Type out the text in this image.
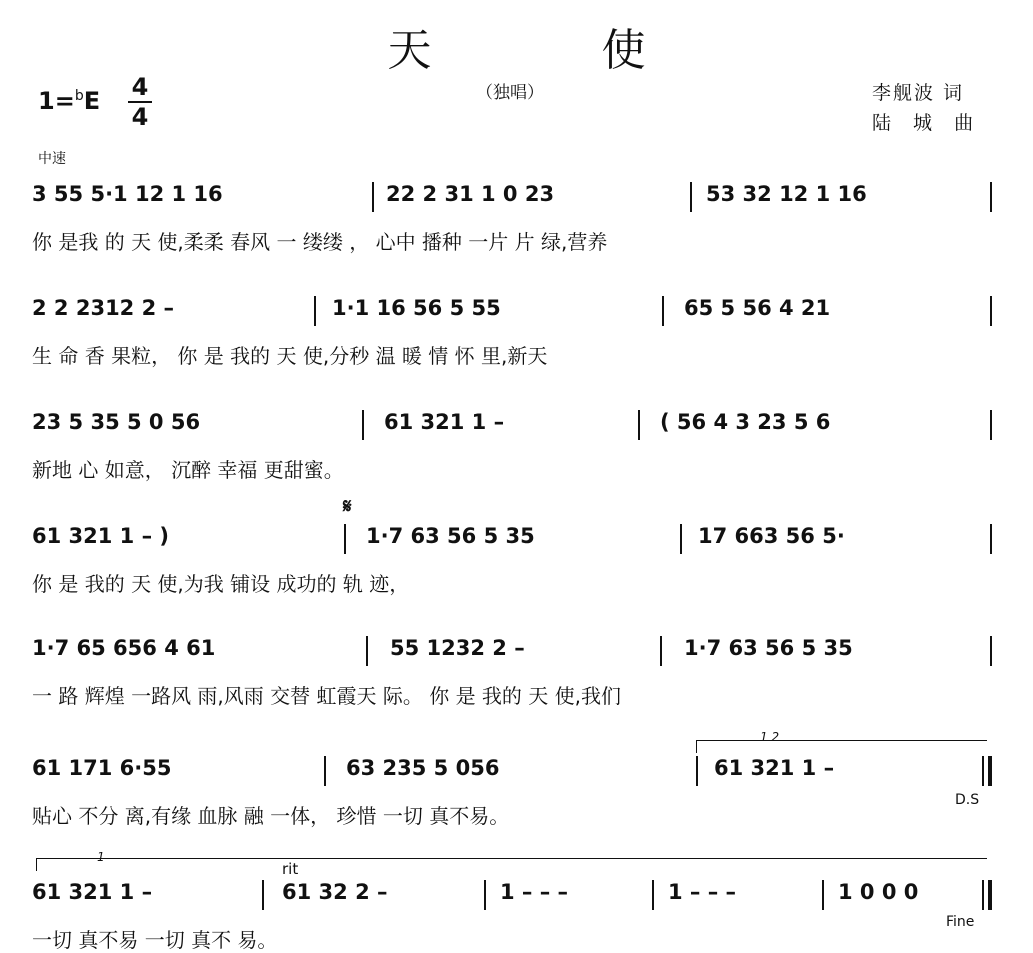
天 使
（独唱）	李舰波 词
陆 城 曲
1=$^b$E 4
4
中速
3 55 5·1 12 1 16	22 2 31 1 0 23	53 32 12 1 16
你 是我 的 天 使,柔柔 春风 一 缕缕 ， 心中 播种 一片 片 绿,营养
2 2 2312 2 –	1·1 16 56 5 55	65 5 56 4 21
生 命 香 果粒， 你 是 我的 天 使,分秒 温 暖 情 怀 里,新天
23 5 35 5 0 56	61 321 1 –	( 56 4 3 23 5 6
新地 心 如意， 沉醉 幸福 更甜蜜。
𝄋
61 321 1 – )	1·7 63 56 5 35	17 663 56 5·
你 是 我的 天 使,为我 铺设 成功的 轨 迹，
1·7 65 656 4 61	55 1232 2 –	1·7 63 56 5 35
一 路 辉煌 一路风 雨,风雨 交替 虹霞天 际。 你 是 我的 天 使,我们
1 2
61 171 6·55	63 235 5 056	61 321 1 –
贴心 不分 离,有缘 血脉 融 一体， 珍惜 一切 真不易。
D.S
1
rit
61 321 1 –	61 32 2 –	1 – – –	1 – – –	1 0 0 0
一切 真不易 一切 真不 易。
Fine
